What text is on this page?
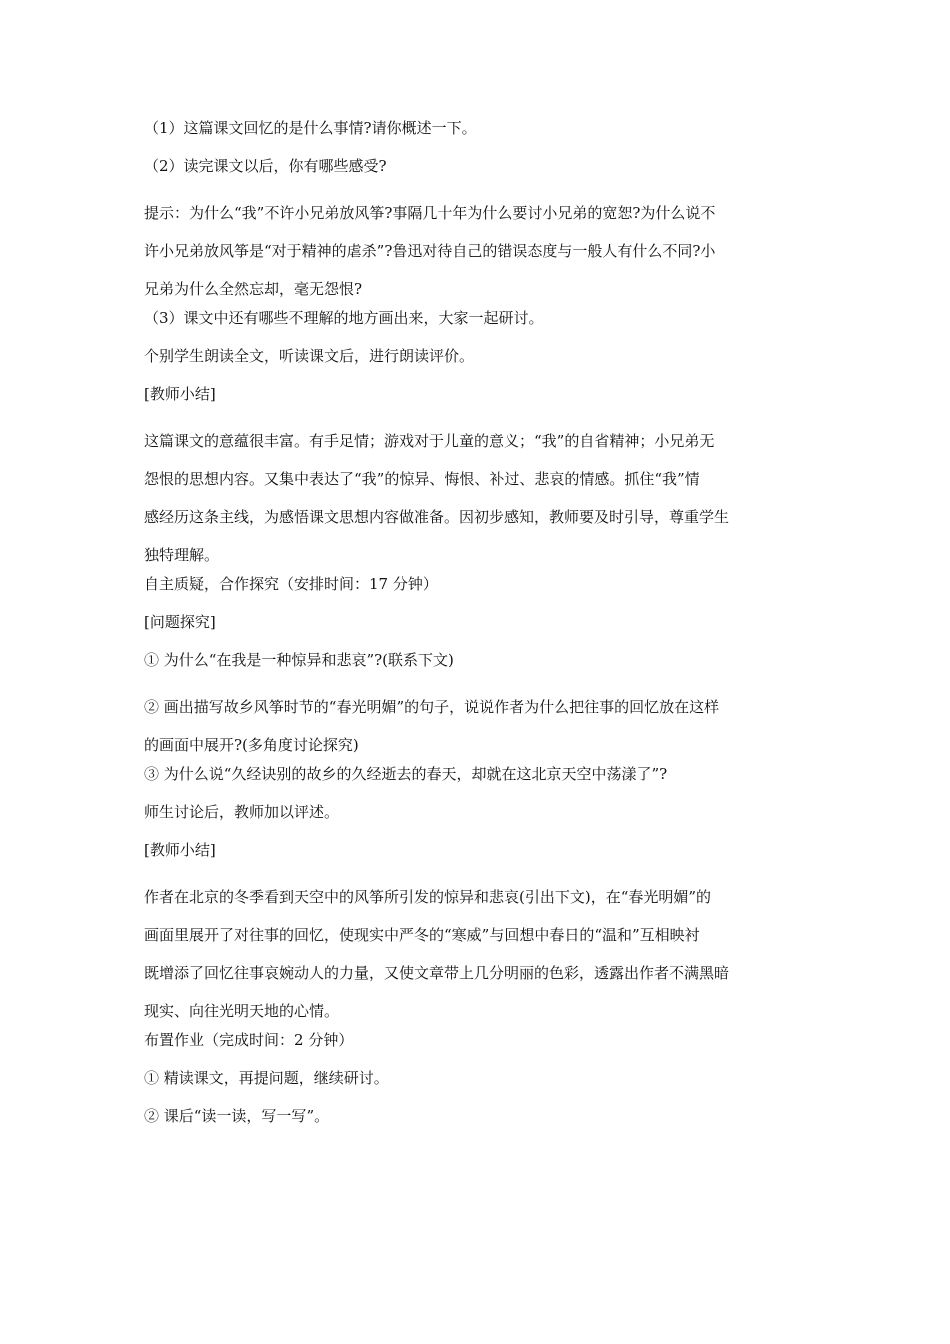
（1）这篇课文回忆的是什么事情?请你概述一下。
（2）读完课文以后，你有哪些感受?
提示：为什么“我”不许小兄弟放风筝?事隔几十年为什么要讨小兄弟的宽恕?为什么说不
许小兄弟放风筝是“对于精神的虐杀”?鲁迅对待自己的错误态度与一般人有什么不同?小
兄弟为什么全然忘却，毫无怨恨?
（3）课文中还有哪些不理解的地方画出来，大家一起研讨。
个别学生朗读全文，听读课文后，进行朗读评价。
[教师小结]
这篇课文的意蕴很丰富。有手足情；游戏对于儿童的意义；“我”的自省精神；小兄弟无
怨恨的思想内容。又集中表达了“我”的惊异、悔恨、补过、悲哀的情感。抓住“我”情
感经历这条主线，为感悟课文思想内容做准备。因初步感知，教师要及时引导，尊重学生
独特理解。
自主质疑，合作探究（安排时间：17 分钟）
[问题探究]
① 为什么“在我是一种惊异和悲哀”?(联系下文)
② 画出描写故乡风筝时节的“春光明媚”的句子，说说作者为什么把往事的回忆放在这样
的画面中展开?(多角度讨论探究)
③ 为什么说“久经诀别的故乡的久经逝去的春天，却就在这北京天空中荡漾了”?
师生讨论后，教师加以评述。
[教师小结]
作者在北京的冬季看到天空中的风筝所引发的惊异和悲哀(引出下文)，在“春光明媚”的
画面里展开了对往事的回忆，使现实中严冬的“寒威”与回想中春日的“温和”互相映衬
既增添了回忆往事哀婉动人的力量，又使文章带上几分明丽的色彩，透露出作者不满黑暗
现实、向往光明天地的心情。
布置作业（完成时间：2 分钟）
① 精读课文，再提问题，继续研讨。
② 课后“读一读，写一写”。
